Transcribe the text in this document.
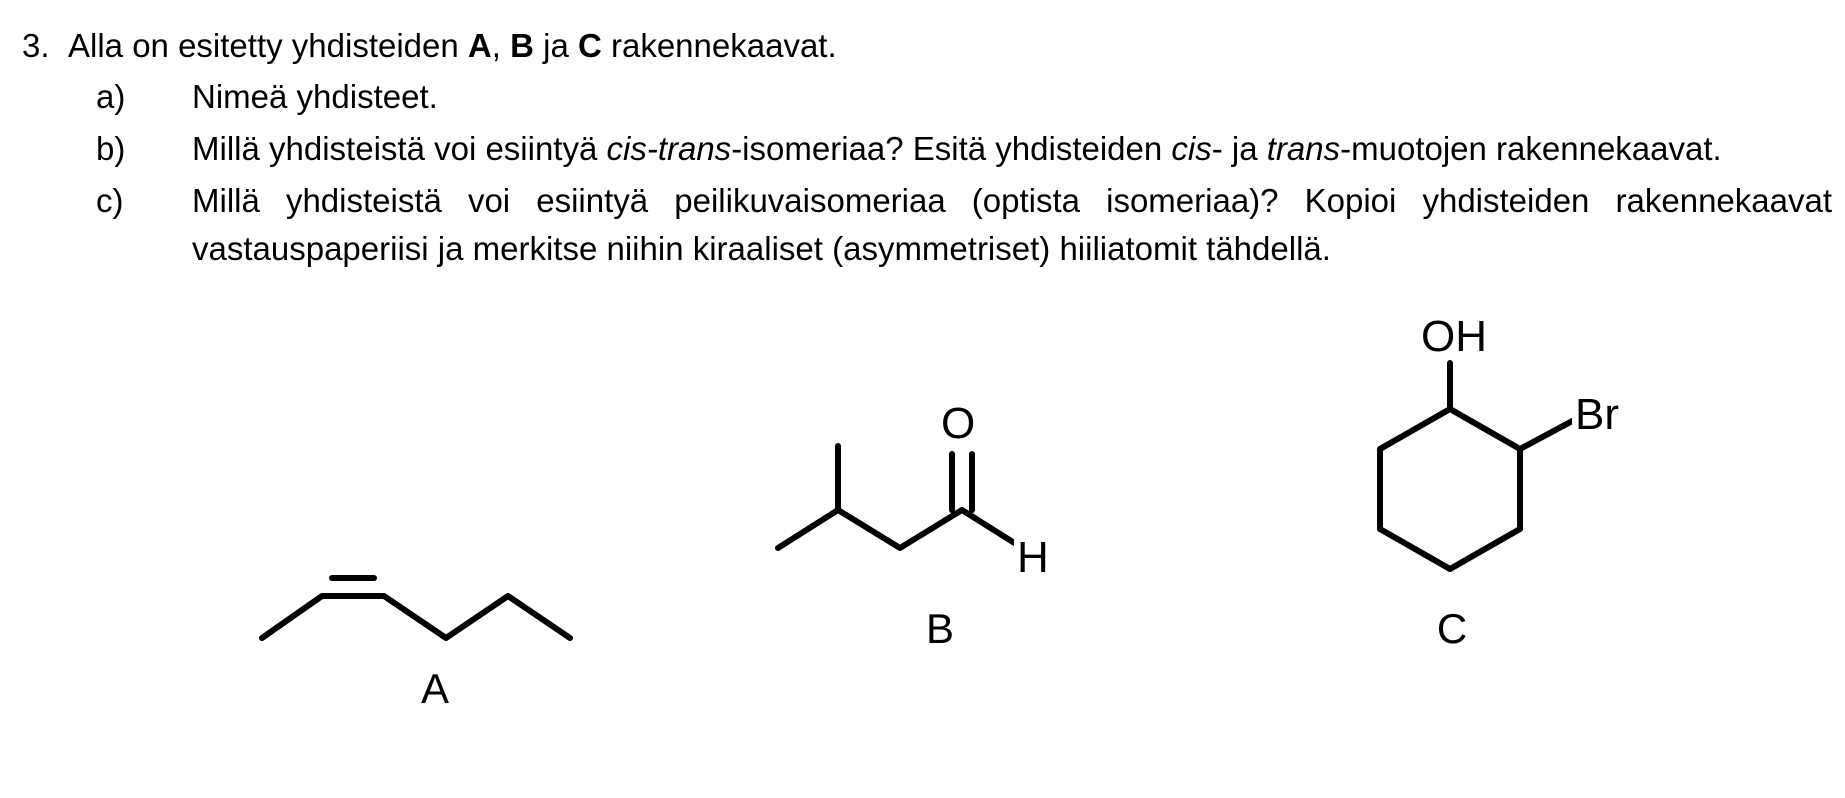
3. Alla on esitetty yhdisteiden A, B ja C rakennekaavat.
a) Nimeä yhdisteet.
b) Millä yhdisteistä voi esiintyä cis-trans-isomeriaa? Esitä yhdisteiden cis- ja trans-muotojen rakennekaavat.
c) Millä yhdisteistä voi esiintyä peilikuvaisomeriaa (optista isomeriaa)? Kopioi yhdisteiden rakennekaavat vastauspaperiisi ja merkitse niihin kiraaliset (asymmetriset) hiiliatomit tähdellä.
A
O
H
B
OH
Br
C
